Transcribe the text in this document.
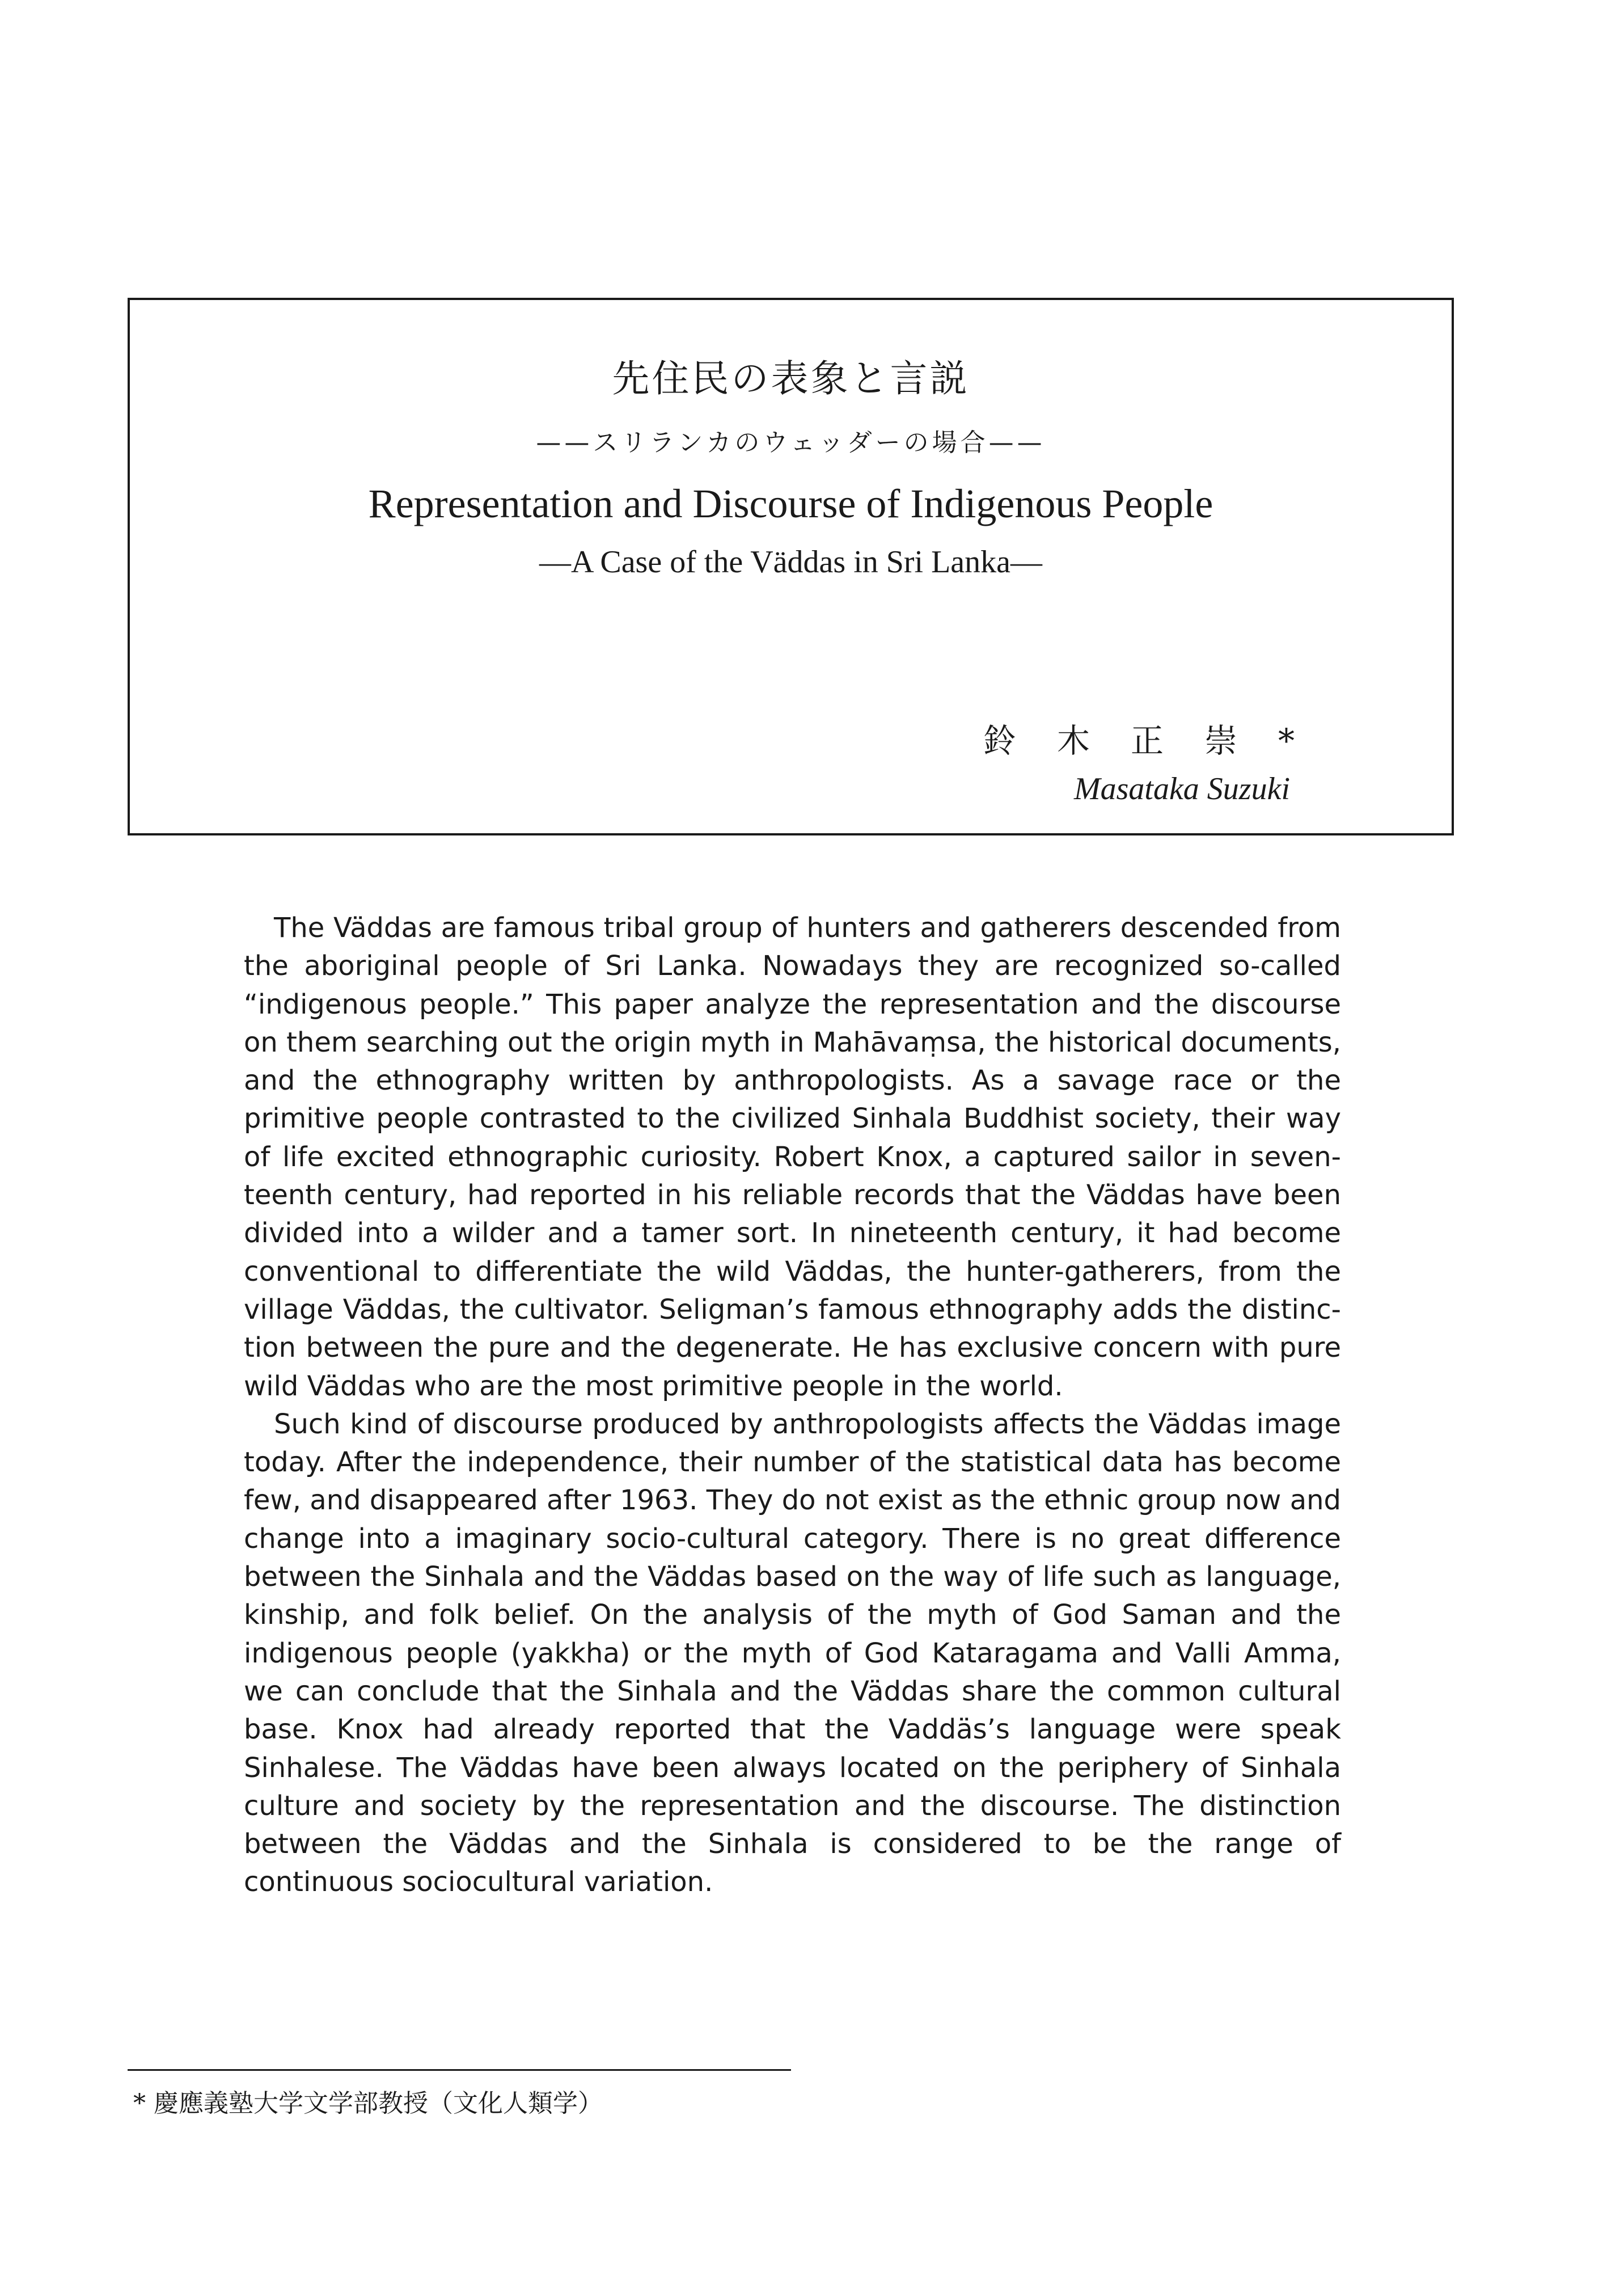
先住民の表象と言説
——スリランカのウェッダーの場合——
Representation and Discourse of Indigenous People
—A Case of the Väddas in Sri Lanka—
鈴木正崇*
Masataka Suzuki

The Väddas are famous tribal group of hunters and gatherers descended from the aboriginal people of Sri Lanka. Nowadays they are recognized so-called “indigenous people.” This paper analyze the representation and the discourse on them searching out the origin myth in Mahāvaṃsa, the historical documents, and the ethnography written by anthropologists. As a savage race or the primitive people contrasted to the civilized Sinhala Buddhist society, their way of life excited ethnographic curiosity. Robert Knox, a captured sailor in seventeenth century, had reported in his reliable records that the Väddas have been divided into a wilder and a tamer sort. In nineteenth century, it had become conventional to differentiate the wild Väddas, the hunter-gatherers, from the village Väddas, the cultivator. Seligman’s famous ethnography adds the distinction between the pure and the degenerate. He has exclusive concern with pure wild Väddas who are the most primitive people in the world.

Such kind of discourse produced by anthropologists affects the Väddas image today. After the independence, their number of the statistical data has become few, and disappeared after 1963. They do not exist as the ethnic group now and change into a imaginary socio-cultural category. There is no great difference between the Sinhala and the Väddas based on the way of life such as language, kinship, and folk belief. On the analysis of the myth of God Saman and the indigenous people (yakkha) or the myth of God Kataragama and Valli Amma, we can conclude that the Sinhala and the Väddas share the common cultural base. Knox had already reported that the Vaddäs’s language were speak Sinhalese. The Väddas have been always located on the periphery of Sinhala culture and society by the representation and the discourse. The distinction between the Väddas and the Sinhala is considered to be the range of continuous sociocultural variation.

* 慶應義塾大学文学部教授（文化人類学）
